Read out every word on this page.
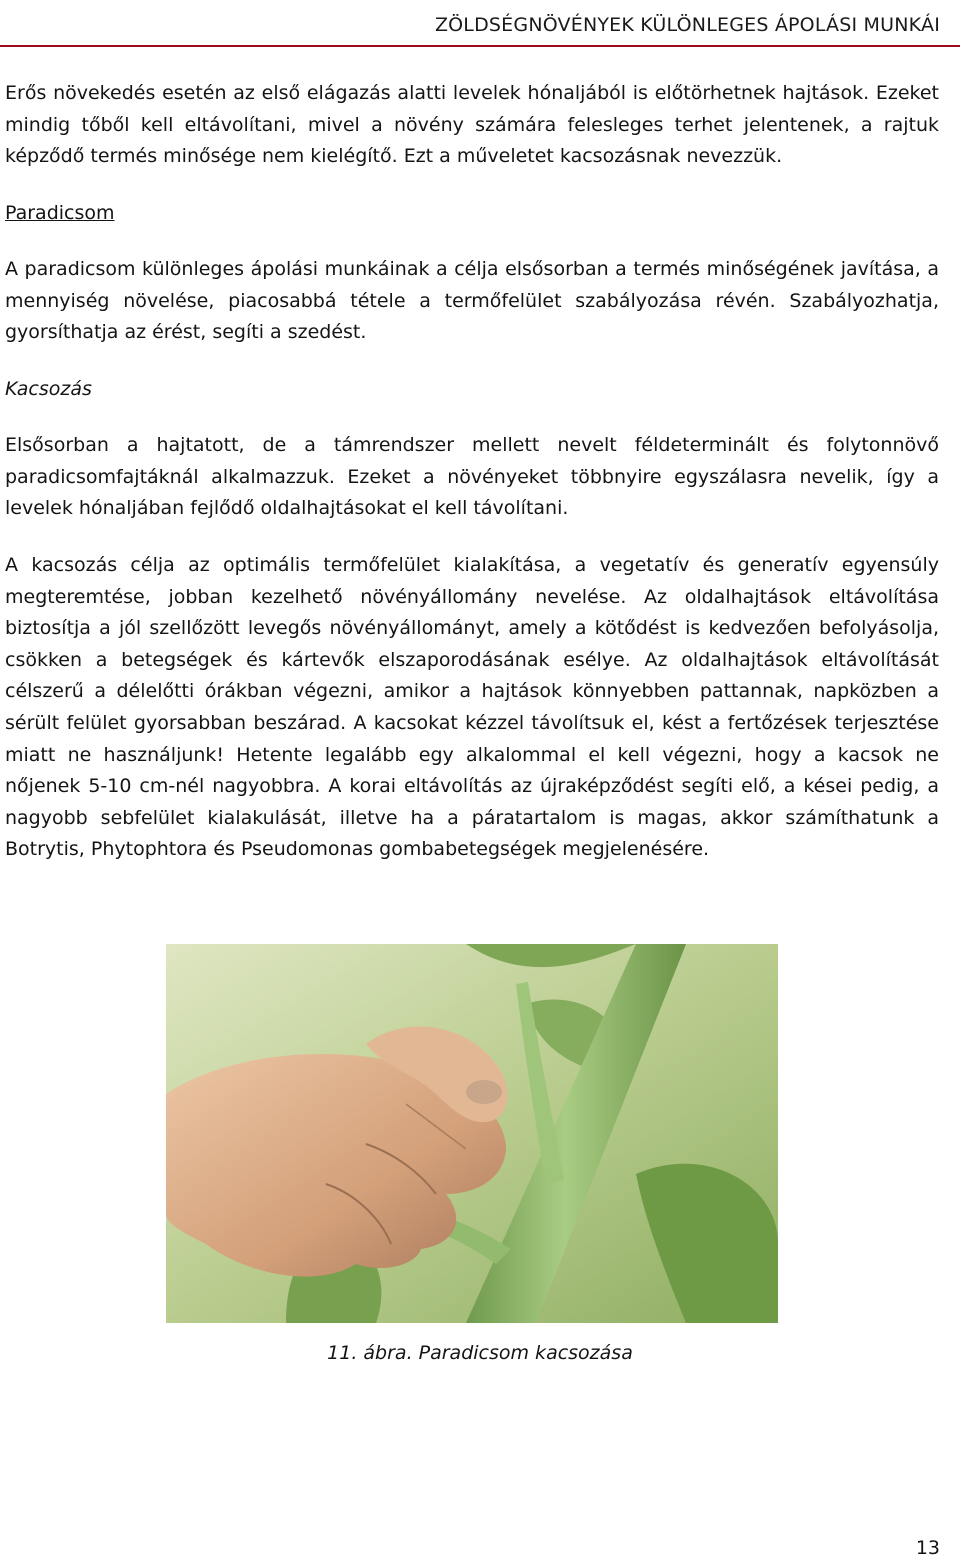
ZÖLDSÉGNÖVÉNYEK KÜLÖNLEGES ÁPOLÁSI MUNKÁI

Erős növekedés esetén az első elágazás alatti levelek hónaljából is előtörhetnek hajtások. Ezeket mindig tőből kell eltávolítani, mivel a növény számára felesleges terhet jelentenek, a rajtuk képződő termés minősége nem kielégítő. Ezt a műveletet kacsozásnak nevezzük.

Paradicsom

A paradicsom különleges ápolási munkáinak a célja elsősorban a termés minőségének javítása, a mennyiség növelése, piacosabbá tétele a termőfelület szabályozása révén. Szabályozhatja, gyorsíthatja az érést, segíti a szedést.

Kacsozás

Elsősorban a hajtatott, de a támrendszer mellett nevelt féldeterminált és folytonnövő paradicsomfajtáknál alkalmazzuk. Ezeket a növényeket többnyire egyszálasra nevelik, így a levelek hónaljában fejlődő oldalhajtásokat el kell távolítani.

A kacsozás célja az optimális termőfelület kialakítása, a vegetatív és generatív egyensúly megteremtése, jobban kezelhető növényállomány nevelése. Az oldalhajtások eltávolítása biztosítja a jól szellőzött levegős növényállományt, amely a kötődést is kedvezően befolyásolja, csökken a betegségek és kártevők elszaporodásának esélye. Az oldalhajtások eltávolítását célszerű a délelőtti órákban végezni, amikor a hajtások könnyebben pattannak, napközben a sérült felület gyorsabban beszárad. A kacsokat kézzel távolítsuk el, kést a fertőzések terjesztése miatt ne használjunk! Hetente legalább egy alkalommal el kell végezni, hogy a kacsok ne nőjenek 5-10 cm-nél nagyobbra. A korai eltávolítás az újraképződést segíti elő, a kései pedig, a nagyobb sebfelület kialakulását, illetve ha a páratartalom is magas, akkor számíthatunk a Botrytis, Phytophtora és Pseudomonas gombabetegségek megjelenésére.

11. ábra. Paradicsom kacsozása
13
